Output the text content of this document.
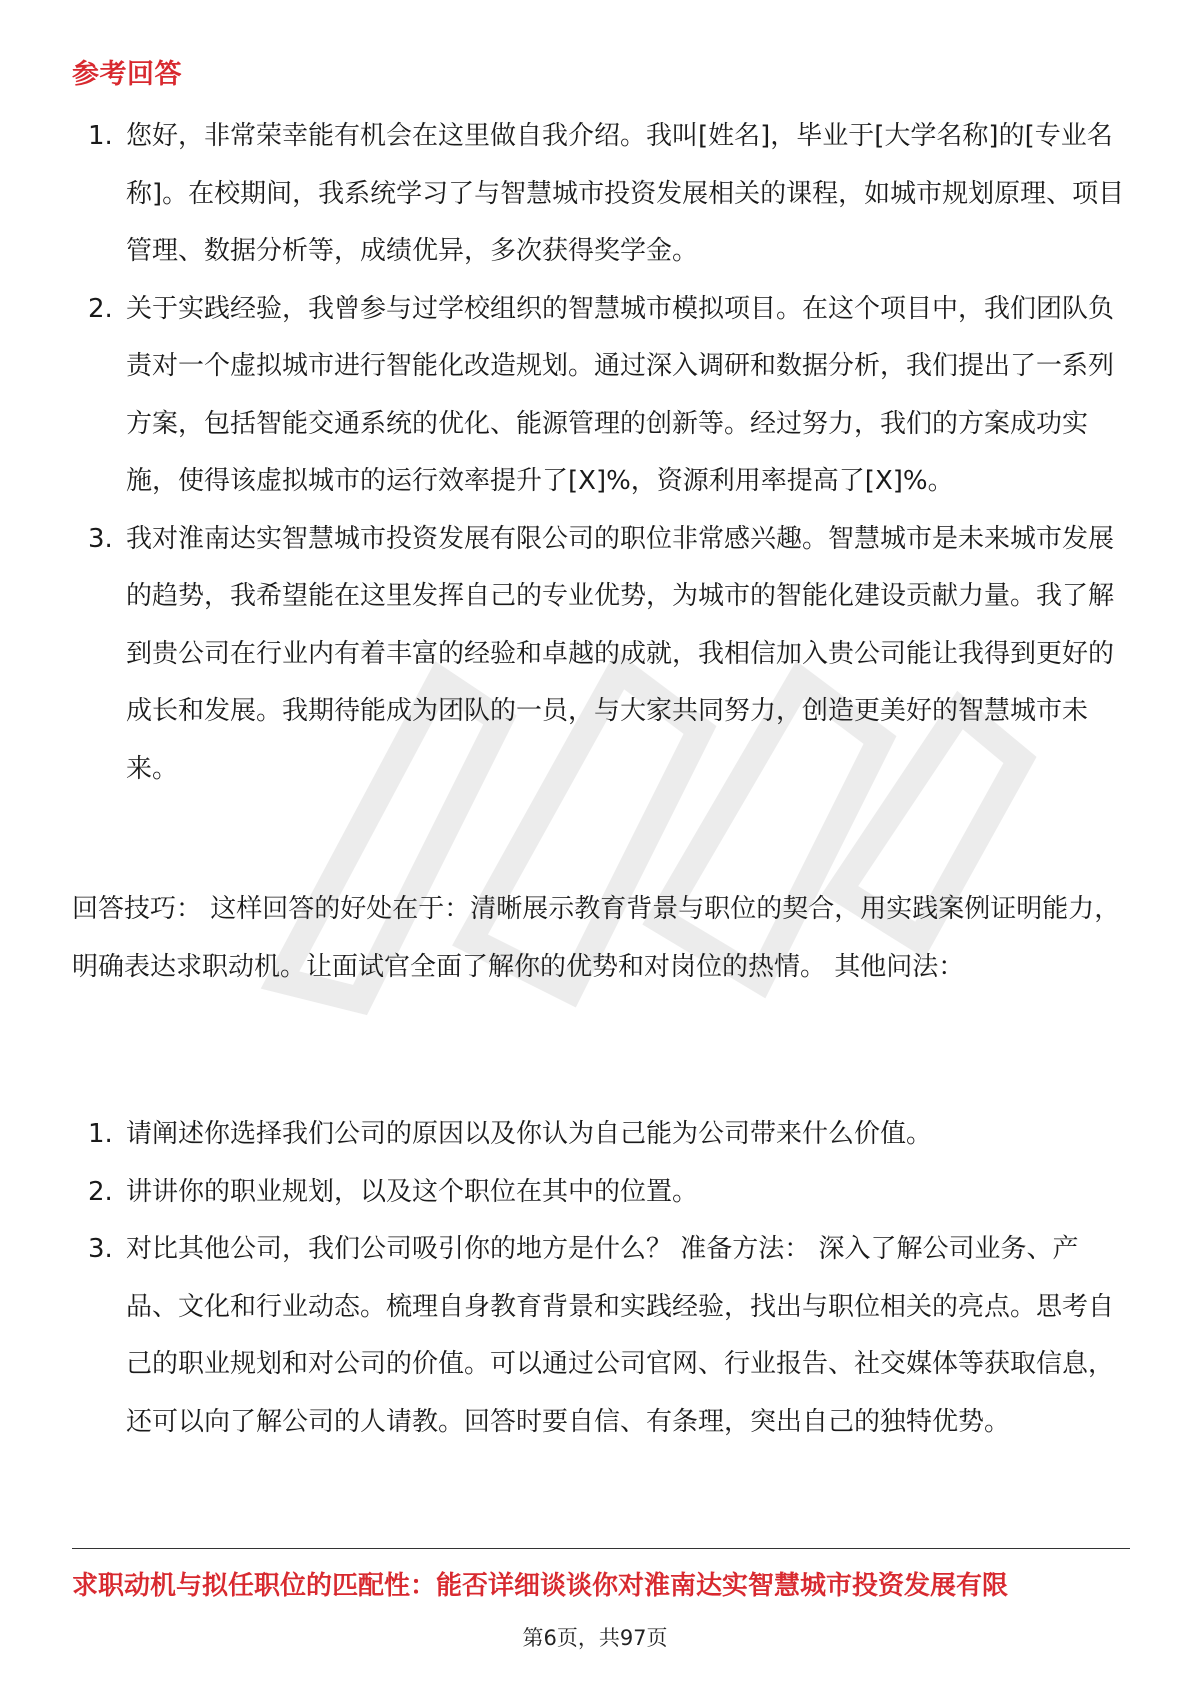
参考回答
1. 您好，非常荣幸能有机会在这里做自我介绍。我叫[姓名]，毕业于[大学名称]的[专业名称]。在校期间，我系统学习了与智慧城市投资发展相关的课程，如城市规划原理、项目管理、数据分析等，成绩优异，多次获得奖学金。
2. 关于实践经验，我曾参与过学校组织的智慧城市模拟项目。在这个项目中，我们团队负责对一个虚拟城市进行智能化改造规划。通过深入调研和数据分析，我们提出了一系列方案，包括智能交通系统的优化、能源管理的创新等。经过努力，我们的方案成功实施，使得该虚拟城市的运行效率提升了[X]%，资源利用率提高了[X]%。
3. 我对淮南达实智慧城市投资发展有限公司的职位非常感兴趣。智慧城市是未来城市发展的趋势，我希望能在这里发挥自己的专业优势，为城市的智能化建设贡献力量。我了解到贵公司在行业内有着丰富的经验和卓越的成就，我相信加入贵公司能让我得到更好的成长和发展。我期待能成为团队的一员，与大家共同努力，创造更美好的智慧城市未来。

回答技巧： 这样回答的好处在于：清晰展示教育背景与职位的契合，用实践案例证明能力，明确表达求职动机。让面试官全面了解你的优势和对岗位的热情。 其他问法：

1. 请阐述你选择我们公司的原因以及你认为自己能为公司带来什么价值。
2. 讲讲你的职业规划，以及这个职位在其中的位置。
3. 对比其他公司，我们公司吸引你的地方是什么？ 准备方法： 深入了解公司业务、产品、文化和行业动态。梳理自身教育背景和实践经验，找出与职位相关的亮点。思考自己的职业规划和对公司的价值。可以通过公司官网、行业报告、社交媒体等获取信息，还可以向了解公司的人请教。回答时要自信、有条理，突出自己的独特优势。
求职动机与拟任职位的匹配性：能否详细谈谈你对淮南达实智慧城市投资发展有限
第6页，共97页
